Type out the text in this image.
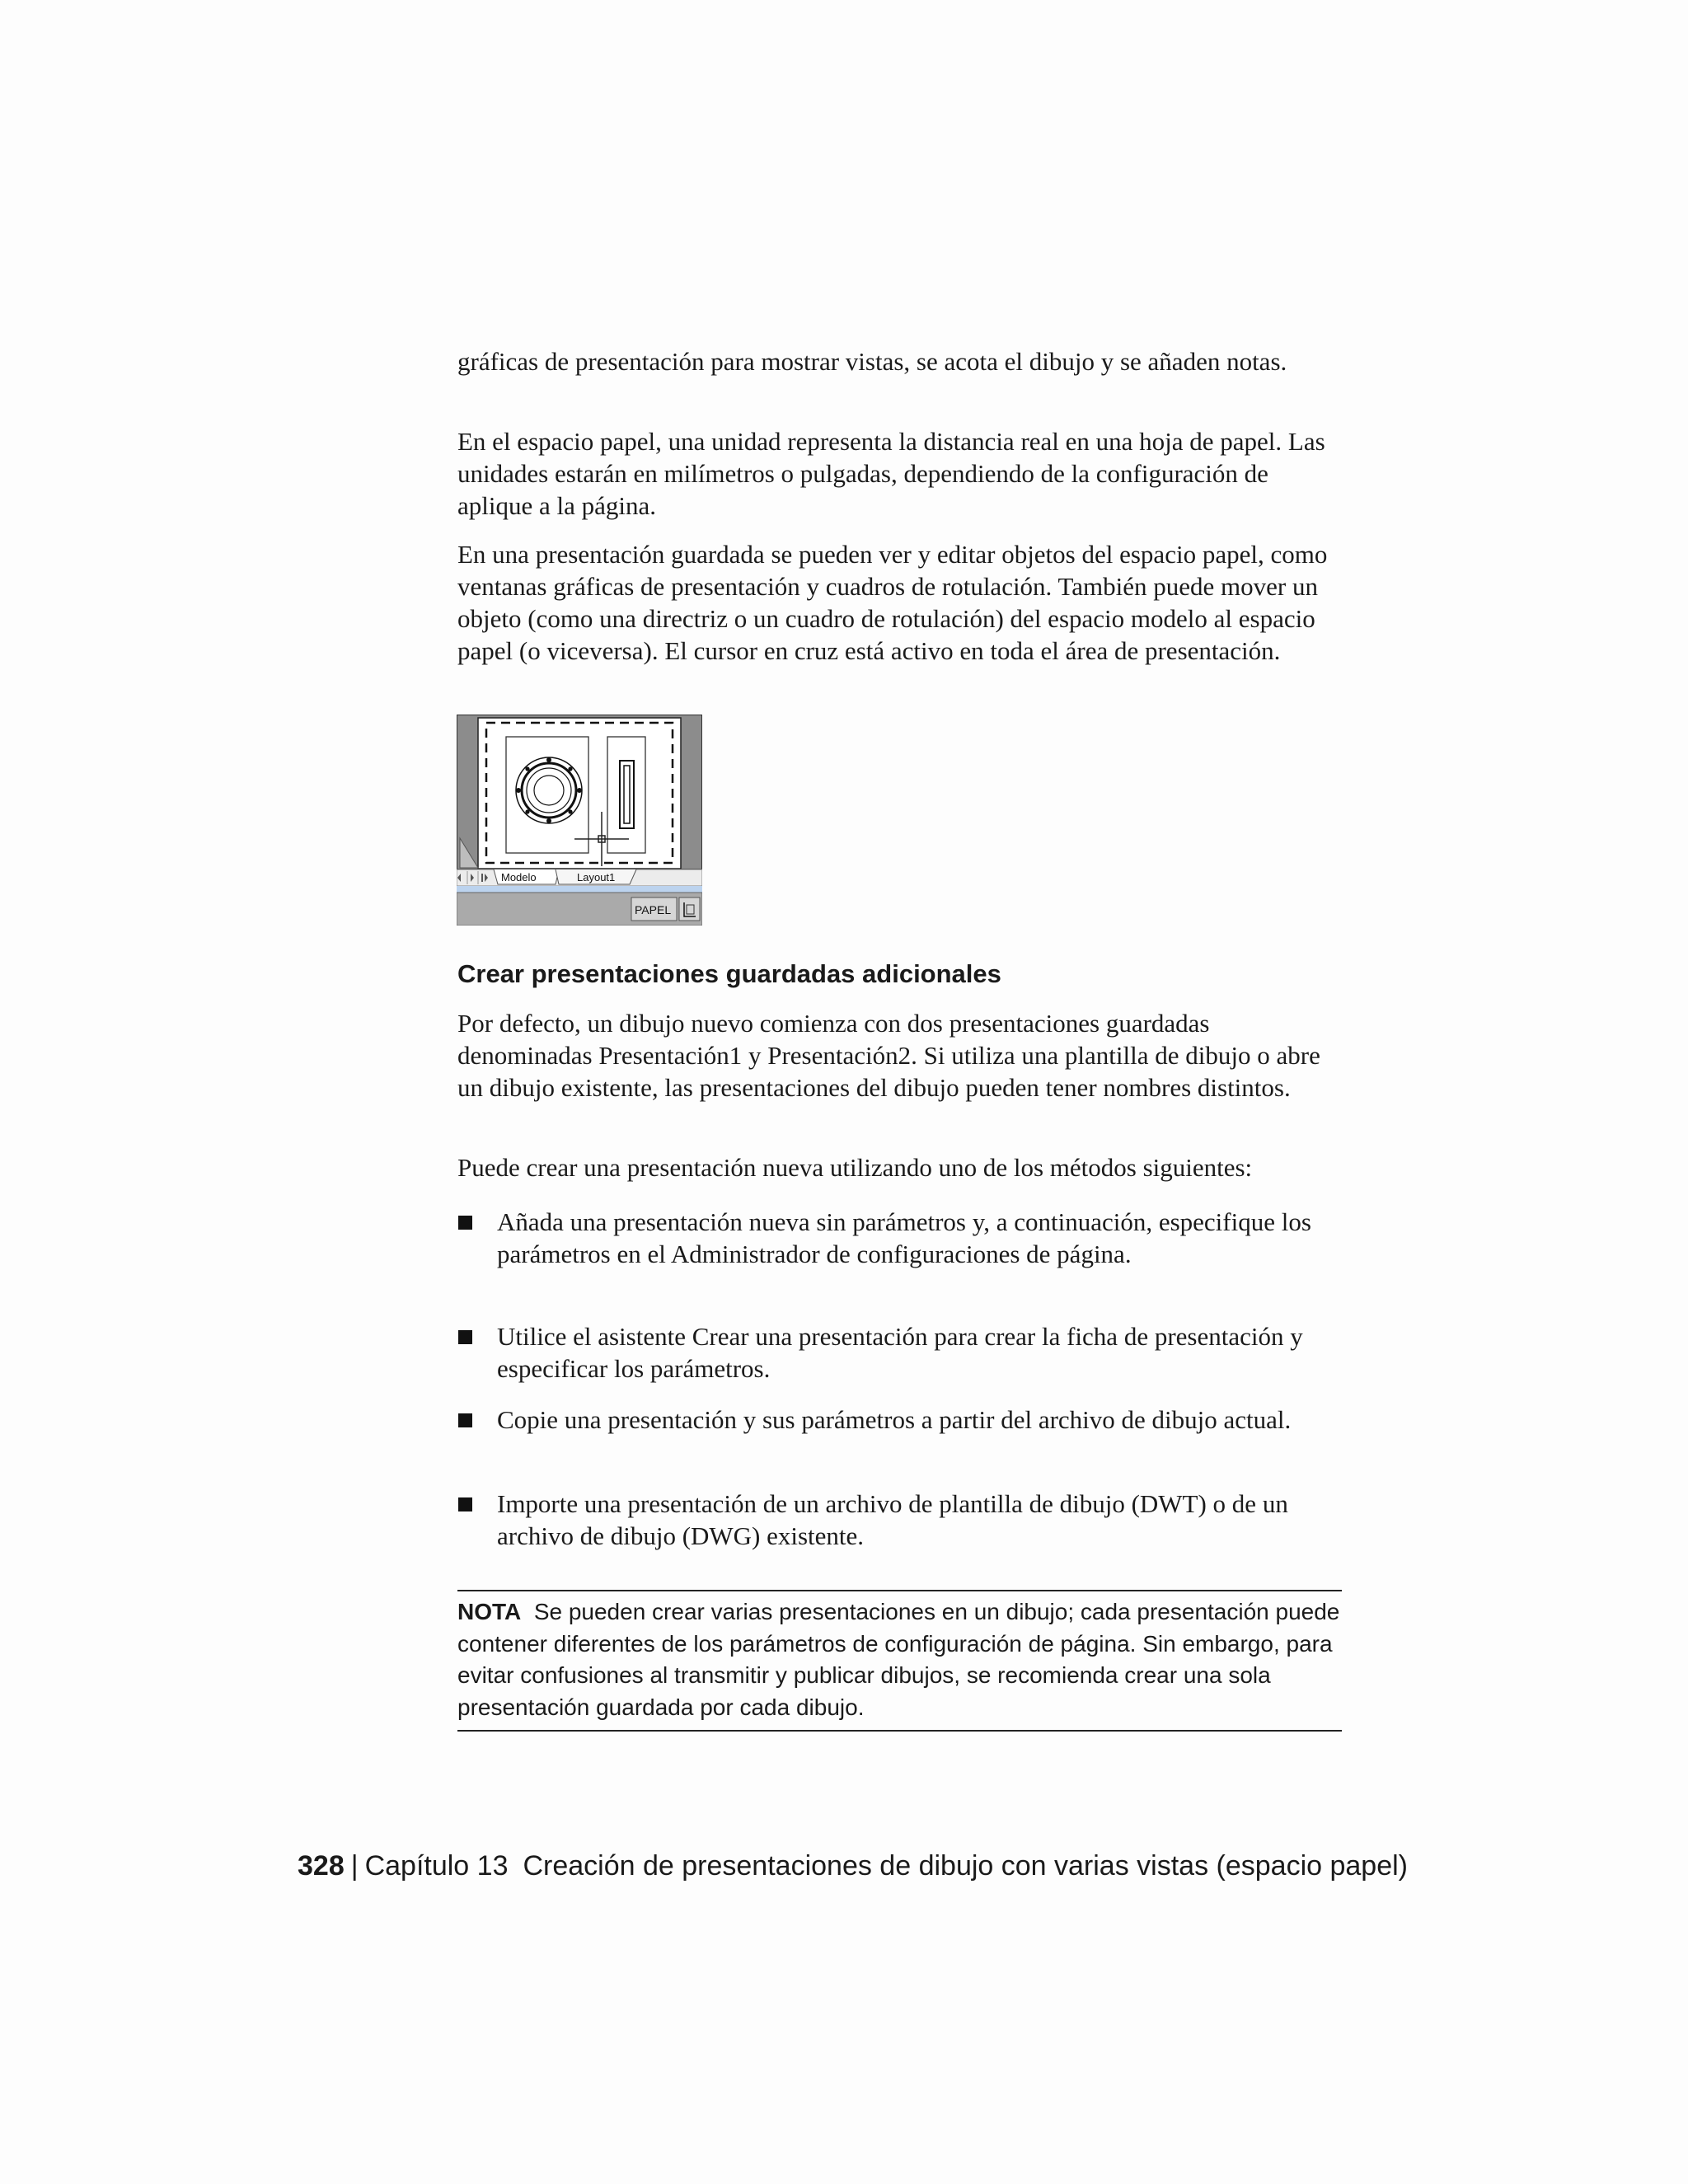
gráficas de presentación para mostrar vistas, se acota el dibujo y se añaden notas.

En el espacio papel, una unidad representa la distancia real en una hoja de papel. Las unidades estarán en milímetros o pulgadas, dependiendo de la configuración de aplique a la página.

En una presentación guardada se pueden ver y editar objetos del espacio papel, como ventanas gráficas de presentación y cuadros de rotulación. También puede mover un objeto (como una directriz o un cuadro de rotulación) del espacio modelo al espacio papel (o viceversa). El cursor en cruz está activo en toda el área de presentación.

Modelo	Layout1
PAPEL
Crear presentaciones guardadas adicionales

Por defecto, un dibujo nuevo comienza con dos presentaciones guardadas denominadas Presentación1 y Presentación2. Si utiliza una plantilla de dibujo o abre un dibujo existente, las presentaciones del dibujo pueden tener nombres distintos.

Puede crear una presentación nueva utilizando uno de los métodos siguientes:

Añada una presentación nueva sin parámetros y, a continuación, especifique los parámetros en el Administrador de configuraciones de página.
Utilice el asistente Crear una presentación para crear la ficha de presentación y especificar los parámetros.
Copie una presentación y sus parámetros a partir del archivo de dibujo actual.
Importe una presentación de un archivo de plantilla de dibujo (DWT) o de un archivo de dibujo (DWG) existente.
NOTA Se pueden crear varias presentaciones en un dibujo; cada presentación puede contener diferentes de los parámetros de configuración de página. Sin embargo, para evitar confusiones al transmitir y publicar dibujos, se recomienda crear una sola presentación guardada por cada dibujo.
328 | Capítulo 13 Creación de presentaciones de dibujo con varias vistas (espacio papel)
